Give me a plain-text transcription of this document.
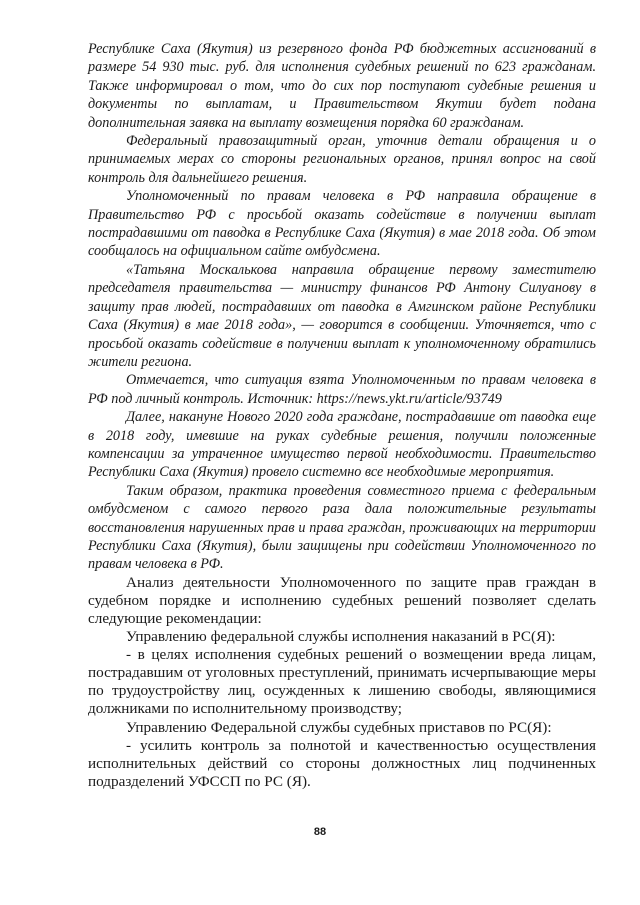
Республике Саха (Якутия) из резервного фонда РФ бюджетных ассигнований в размере 54 930 тыс. руб. для исполнения судебных решений по 623 гражданам. Также информировал о том, что до сих пор поступают судебные решения и документы по выплатам, и Правительством Якутии будет подана дополнительная заявка на выплату возмещения порядка 60 гражданам.

Федеральный правозащитный орган, уточнив детали обращения и о принимаемых мерах со стороны региональных органов, принял вопрос на свой контроль для дальнейшего решения.

Уполномоченный по правам человека в РФ направила обращение в Правительство РФ с просьбой оказать содействие в получении выплат пострадавшими от паводка в Республике Саха (Якутия) в мае 2018 года. Об этом сообщалось на официальном сайте омбудсмена.

«Татьяна Москалькова направила обращение первому заместителю председателя правительства — министру финансов РФ Антону Силуанову в защиту прав людей, пострадавших от паводка в Амгинском районе Республики Саха (Якутия) в мае 2018 года», — говорится в сообщении. Уточняется, что с просьбой оказать содействие в получении выплат к уполномоченному обратились жители региона.

Отмечается, что ситуация взята Уполномоченным по правам человека в РФ под личный контроль. Источник: https://news.ykt.ru/article/93749

Далее, накануне Нового 2020 года граждане, пострадавшие от паводка еще в 2018 году, имевшие на руках судебные решения, получили положенные компенсации за утраченное имущество первой необходимости. Правительство Республики Саха (Якутия) провело системно все необходимые мероприятия.

Таким образом, практика проведения совместного приема с федеральным омбудсменом с самого первого раза дала положительные результаты восстановления нарушенных прав и права граждан, проживающих на территории Республики Саха (Якутия), были защищены при содействии Уполномоченного по правам человека в РФ.

Анализ деятельности Уполномоченного по защите прав граждан в судебном порядке и исполнению судебных решений позволяет сделать следующие рекомендации:

Управлению федеральной службы исполнения наказаний в РС(Я):

- в целях исполнения судебных решений о возмещении вреда лицам, пострадавшим от уголовных преступлений, принимать исчерпывающие меры по трудоустройству лиц, осужденных к лишению свободы, являющимися должниками по исполнительному производству;

Управлению Федеральной службы судебных приставов по РС(Я):

- усилить контроль за полнотой и качественностью осуществления исполнительных действий со стороны должностных лиц подчиненных подразделений УФССП по РС (Я).

88
